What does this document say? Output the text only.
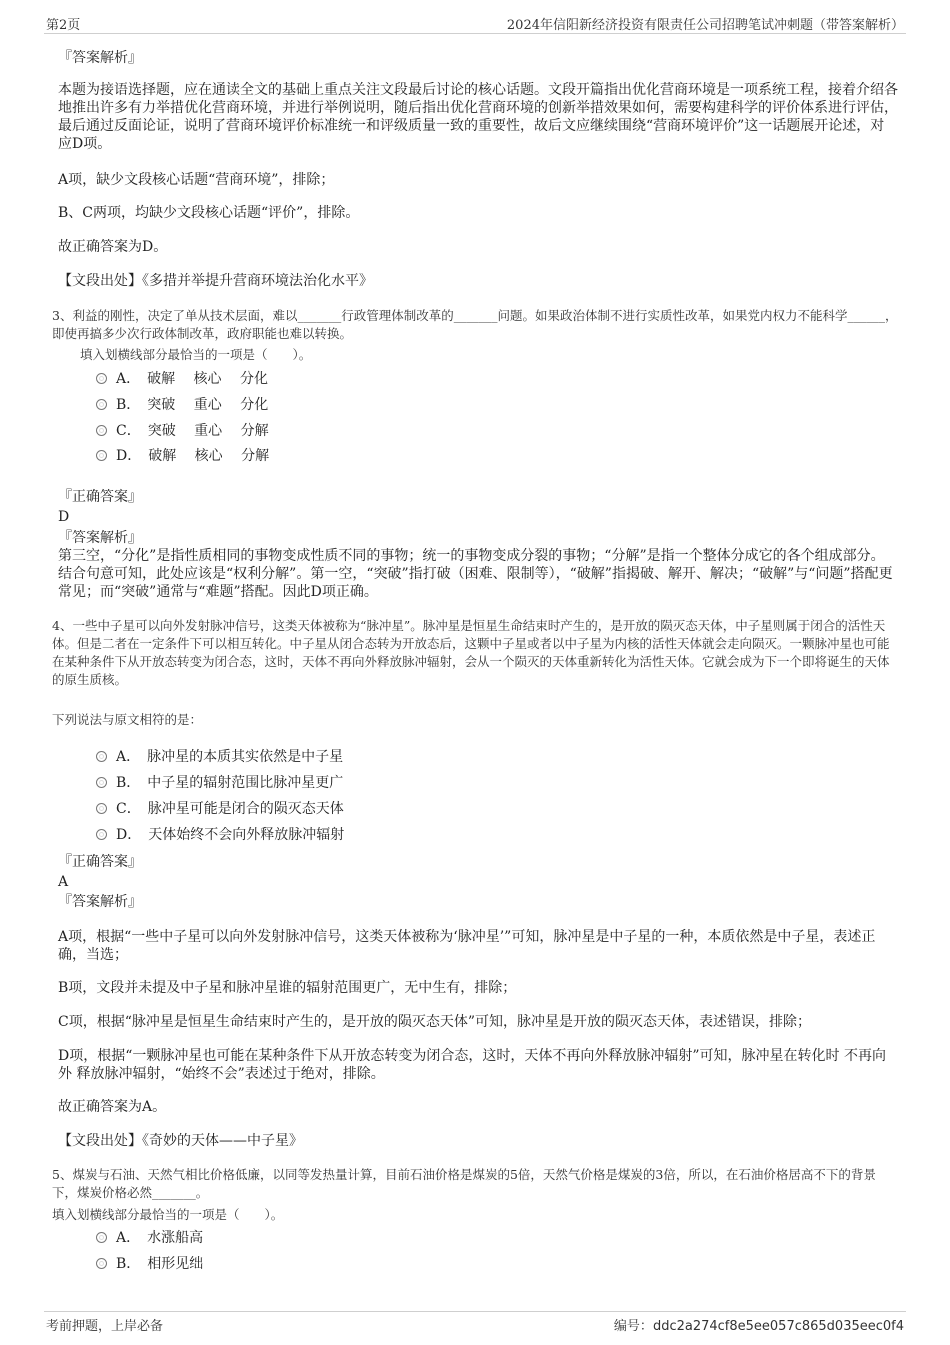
第2页	2024年信阳新经济投资有限责任公司招聘笔试冲刺题（带答案解析）
『答案解析』
本题为接语选择题，应在通读全文的基础上重点关注文段最后讨论的核心话题。文段开篇指出优化营商环境是一项系统工程，接着介绍各地推出许多有力举措优化营商环境，并进行举例说明，随后指出优化营商环境的创新举措效果如何，需要构建科学的评价体系进行评估，最后通过反面论证，说明了营商环境评价标准统一和评级质量一致的重要性，故后文应继续围绕“营商环境评价”这一话题展开论述，对应D项。
A项，缺少文段核心话题“营商环境”，排除；
B、C两项，均缺少文段核心话题“评价”，排除。
故正确答案为D。
【文段出处】《多措并举提升营商环境法治化水平》
3、利益的刚性，决定了单从技术层面，难以_______行政管理体制改革的_______问题。如果政治体制不进行实质性改革，如果党内权力不能科学______，即使再搞多少次行政体制改革，政府职能也难以转换。
填入划横线部分最恰当的一项是（　　）。
A．　破解　 核心　 分化
B．　突破　 重心　 分化
C．　突破　 重心　 分解
D．　破解　 核心　 分解
『正确答案』
D
『答案解析』
第三空，“分化”是指性质相同的事物变成性质不同的事物；统一的事物变成分裂的事物；“分解”是指一个整体分成它的各个组成部分。结合句意可知，此处应该是“权利分解”。第一空，“突破”指打破（困难、限制等），“破解”指揭破、解开、解决；“破解”与“问题”搭配更常见；而“突破”通常与“难题”搭配。因此D项正确。
4、一些中子星可以向外发射脉冲信号，这类天体被称为“脉冲星”。脉冲星是恒星生命结束时产生的，是开放的陨灭态天体，中子星则属于闭合的活性天体。但是二者在一定条件下可以相互转化。中子星从闭合态转为开放态后，这颗中子星或者以中子星为内核的活性天体就会走向陨灭。一颗脉冲星也可能在某种条件下从开放态转变为闭合态，这时，天体不再向外释放脉冲辐射，会从一个陨灭的天体重新转化为活性天体。它就会成为下一个即将诞生的天体的原生质核。
下列说法与原文相符的是：
A．　脉冲星的本质其实依然是中子星
B．　中子星的辐射范围比脉冲星更广
C．　脉冲星可能是闭合的陨灭态天体
D．　天体始终不会向外释放脉冲辐射
『正确答案』
A
『答案解析』
A项，根据“一些中子星可以向外发射脉冲信号，这类天体被称为‘脉冲星’”可知，脉冲星是中子星的一种，本质依然是中子星，表述正确，当选；
B项，文段并未提及中子星和脉冲星谁的辐射范围更广，无中生有，排除；
C项，根据“脉冲星是恒星生命结束时产生的，是开放的陨灭态天体”可知，脉冲星是开放的陨灭态天体，表述错误，排除；
D项，根据“一颗脉冲星也可能在某种条件下从开放态转变为闭合态，这时，天体不再向外释放脉冲辐射”可知，脉冲星在转化时 不再向外 释放脉冲辐射，“始终不会”表述过于绝对，排除。
故正确答案为A。
【文段出处】《奇妙的天体——中子星》
5、煤炭与石油、天然气相比价格低廉，以同等发热量计算，目前石油价格是煤炭的5倍，天然气价格是煤炭的3倍，所以，在石油价格居高不下的背景下，煤炭价格必然_______。
填入划横线部分最恰当的一项是（　　）。
A．　水涨船高
B．　相形见绌
考前押题，上岸必备	编号：ddc2a274cf8e5ee057c865d035eec0f4
